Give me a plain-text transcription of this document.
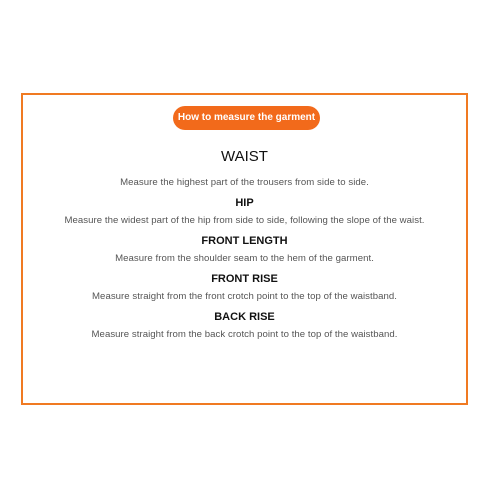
How to measure the garment
WAIST
Measure the highest part of the trousers from side to side.
HIP
Measure the widest part of the hip from side to side, following the slope of the waist.
FRONT LENGTH
Measure from the shoulder seam to the hem of the garment.
FRONT RISE
Measure straight from the front crotch point to the top of the waistband.
BACK RISE
Measure straight from the back crotch point to the top of the waistband.
